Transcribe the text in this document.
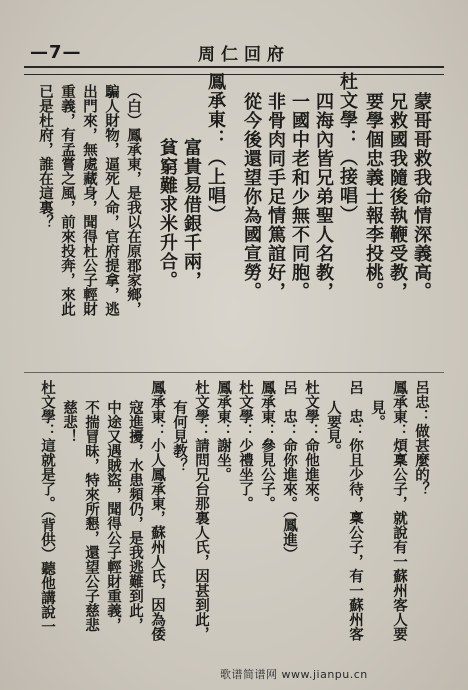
—7—	周仁回府
蒙哥哥救我命情深義高。
兄救國我隨後執鞭受教，
要學個忠義士報李投桃。
杜文學：（接唱）
四海內皆兄弟聖人名教，
一國中老和少無不同胞。
非骨肉同手足情篤誼好，
從今後還望你為國宣勞。
鳳承東：（上唱）
富貴易借銀千兩，
貧窮難求米升合。
（白）鳳承東，是我以在原郡家鄉，
騙人財物，逼死人命，官府提拿，逃
出門來，無處藏身，聞得杜公子輕財
重義，有孟嘗之風，前來投奔，來此
已是杜府，誰在這裏？
呂忠：做甚麼的？
鳳承東：煩稟公子，就說有一蘇州客人要
見。
呂　忠：你且少待，稟公子，有一蘇州客
人要見。
杜文學：命他進來。
呂　忠：命你進來。（鳳進）
鳳承東：參見公子。
杜文學：少禮坐了。
鳳承東：謝坐。
杜文學：請問兄台那裏人氏，因甚到此，
有何見教？
鳳承東：小人鳳承東，蘇州人氏，因為倭
寇進擾，水患頻仍，是我逃難到此，
中途又遇賊盜，聞得公子輕財重義，
不揣冒昧，特來所懇，還望公子慈悲
慈悲！
杜文學：這就是了。（背供）聽他講說一
歌谱简谱网 www.jianpu.cn
